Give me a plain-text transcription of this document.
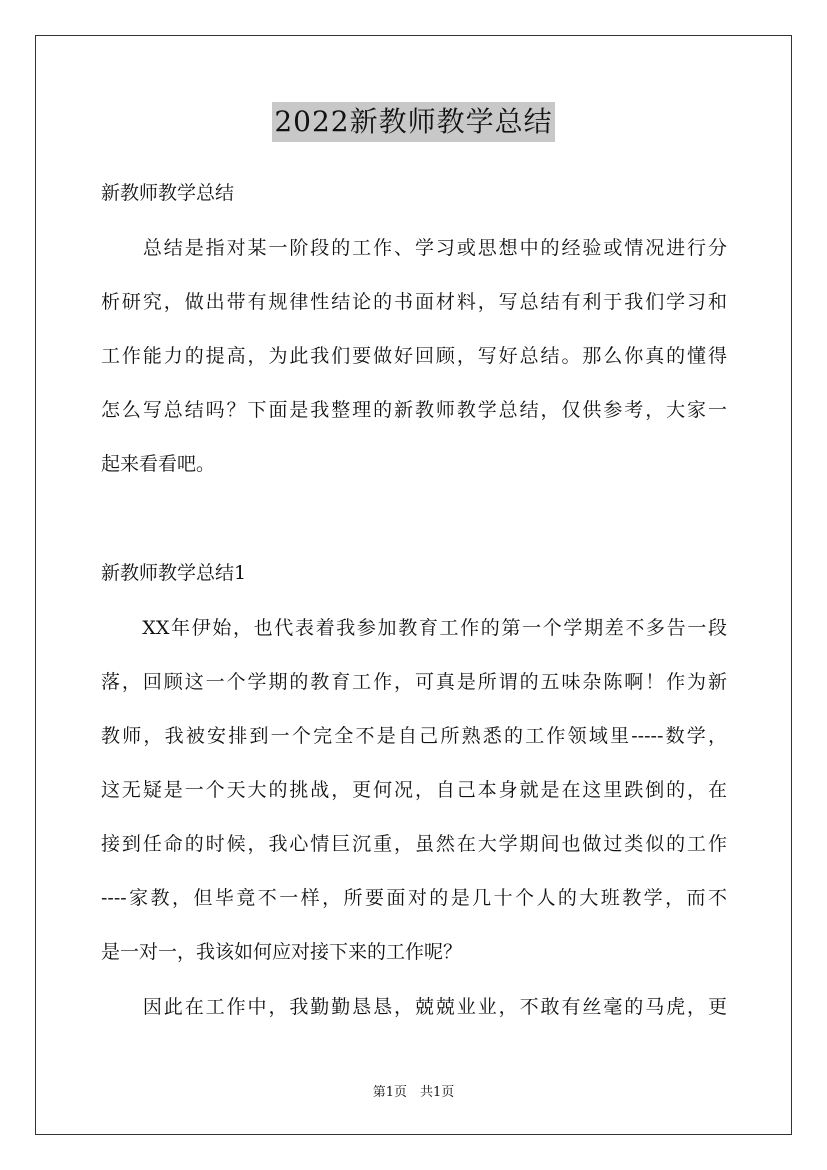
2022新教师教学总结
新教师教学总结
　　总结是指对某一阶段的工作、学习或思想中的经验或情况进行分
析研究，做出带有规律性结论的书面材料，写总结有利于我们学习和
工作能力的提高，为此我们要做好回顾，写好总结。那么你真的懂得
怎么写总结吗？下面是我整理的新教师教学总结，仅供参考，大家一
起来看看吧。
新教师教学总结1
　　XX年伊始，也代表着我参加教育工作的第一个学期差不多告一段
落，回顾这一个学期的教育工作，可真是所谓的五味杂陈啊！作为新
教师，我被安排到一个完全不是自己所熟悉的工作领域里-----数学，
这无疑是一个天大的挑战，更何况，自己本身就是在这里跌倒的，在
接到任命的时候，我心情巨沉重，虽然在大学期间也做过类似的工作
----家教，但毕竟不一样，所要面对的是几十个人的大班教学，而不
是一对一，我该如何应对接下来的工作呢？
　　因此在工作中，我勤勤恳恳，兢兢业业，不敢有丝毫的马虎，更
第1页　共1页
